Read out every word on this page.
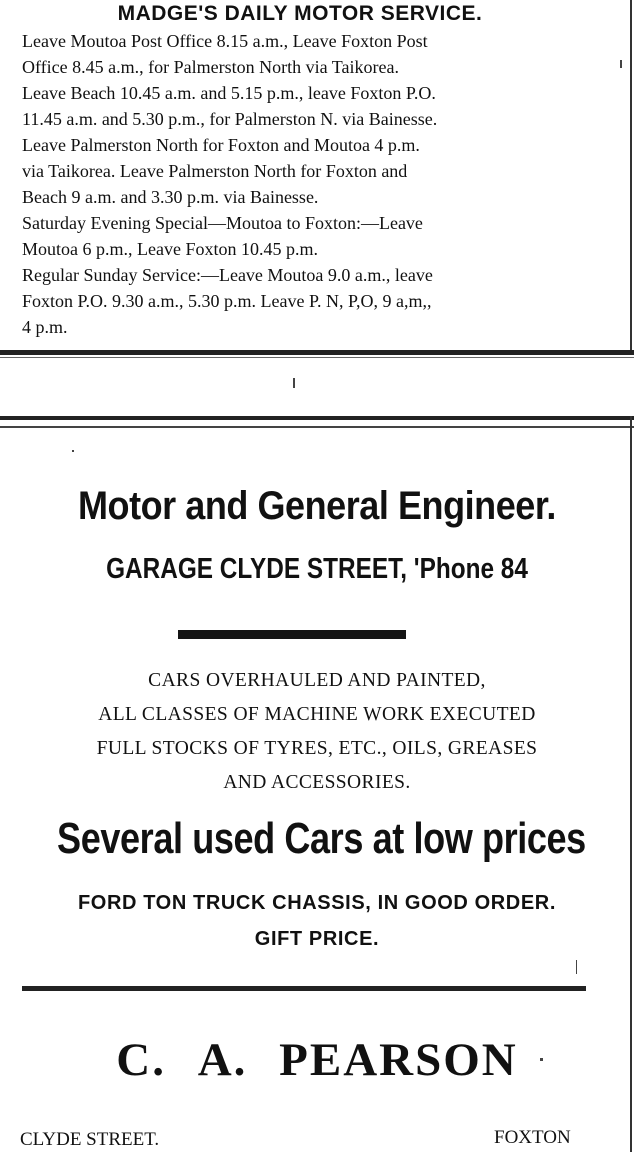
MADGE'S DAILY MOTOR SERVICE.
Leave Moutoa Post Office 8.15 a.m., Leave Foxton Post
Office 8.45 a.m., for Palmerston North via Taikorea.
Leave Beach 10.45 a.m. and 5.15 p.m., leave Foxton P.O.
11.45 a.m. and 5.30 p.m., for Palmerston N. via Bainesse.
Leave Palmerston North for Foxton and Moutoa 4 p.m.
via Taikorea. Leave Palmerston North for Foxton and
Beach 9 a.m. and 3.30 p.m. via Bainesse.
Saturday Evening Special—Moutoa to Foxton:—Leave
Moutoa 6 p.m., Leave Foxton 10.45 p.m.
Regular Sunday Service:—Leave Moutoa 9.0 a.m., leave
Foxton P.O. 9.30 a.m., 5.30 p.m. Leave P. N, P,O, 9 a,m,,
4 p.m.
Motor and General Engineer.
GARAGE CLYDE STREET, 'Phone 84
CARS OVERHAULED AND PAINTED,
ALL CLASSES OF MACHINE WORK EXECUTED
FULL STOCKS OF TYRES, ETC., OILS, GREASES
AND ACCESSORIES.
Several used Cars at low prices
FORD TON TRUCK CHASSIS, IN GOOD ORDER.
GIFT PRICE.
C. A. PEARSON
CLYDE STREET.	FOXTON
